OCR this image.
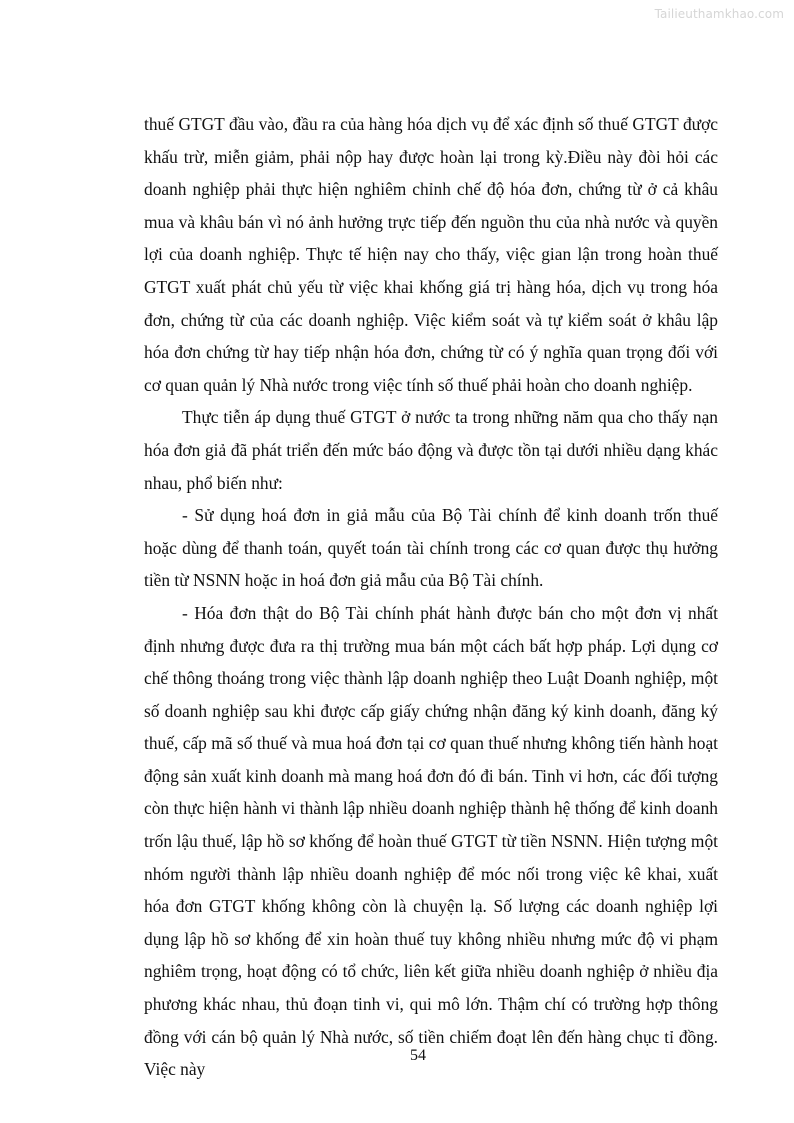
Tailieuthamkhao.com

thuế GTGT đầu vào, đầu ra của hàng hóa dịch vụ để xác định số thuế GTGT được khấu trừ, miễn giảm, phải nộp hay được hoàn lại trong kỳ.Điều này đòi hỏi các doanh nghiệp phải thực hiện nghiêm chỉnh chế độ hóa đơn, chứng từ ở cả khâu mua và khâu bán vì nó ảnh hưởng trực tiếp đến nguồn thu của nhà nước và quyền lợi của doanh nghiệp. Thực tế hiện nay cho thấy, việc gian lận trong hoàn thuế GTGT xuất phát chủ yếu từ việc khai khống giá trị hàng hóa, dịch vụ trong hóa đơn, chứng từ của các doanh nghiệp. Việc kiểm soát và tự kiểm soát ở khâu lập hóa đơn chứng từ hay tiếp nhận hóa đơn, chứng từ có ý nghĩa quan trọng đối với cơ quan quản lý Nhà nước trong việc tính số thuế phải hoàn cho doanh nghiệp.

Thực tiễn áp dụng thuế GTGT ở nước ta trong những năm qua cho thấy nạn hóa đơn giả đã phát triển đến mức báo động và được tồn tại dưới nhiều dạng khác nhau, phổ biến như:

- Sử dụng hoá đơn in giả mẫu của Bộ Tài chính để kinh doanh trốn thuế hoặc dùng để thanh toán, quyết toán tài chính trong các cơ quan được thụ hưởng tiền từ NSNN hoặc in hoá đơn giả mẫu của Bộ Tài chính.

- Hóa đơn thật do Bộ Tài chính phát hành được bán cho một đơn vị nhất định nhưng được đưa ra thị trường mua bán một cách bất hợp pháp. Lợi dụng cơ chế thông thoáng trong việc thành lập doanh nghiệp theo Luật Doanh nghiệp, một số doanh nghiệp sau khi được cấp giấy chứng nhận đăng ký kinh doanh, đăng ký thuế, cấp mã số thuế và mua hoá đơn tại cơ quan thuế nhưng không tiến hành hoạt động sản xuất kinh doanh mà mang hoá đơn đó đi bán. Tinh vi hơn, các đối tượng còn thực hiện hành vi thành lập nhiều doanh nghiệp thành hệ thống để kinh doanh trốn lậu thuế, lập hồ sơ khống để hoàn thuế GTGT từ tiền NSNN. Hiện tượng một nhóm người thành lập nhiều doanh nghiệp để móc nối trong việc kê khai, xuất hóa đơn GTGT khống không còn là chuyện lạ. Số lượng các doanh nghiệp lợi dụng lập hồ sơ khống để xin hoàn thuế tuy không nhiều nhưng mức độ vi phạm nghiêm trọng, hoạt động có tổ chức, liên kết giữa nhiều doanh nghiệp ở nhiều địa phương khác nhau, thủ đoạn tinh vi, qui mô lớn. Thậm chí có trường hợp thông đồng với cán bộ quản lý Nhà nước, số tiền chiếm đoạt lên đến hàng chục tỉ đồng. Việc này

54
